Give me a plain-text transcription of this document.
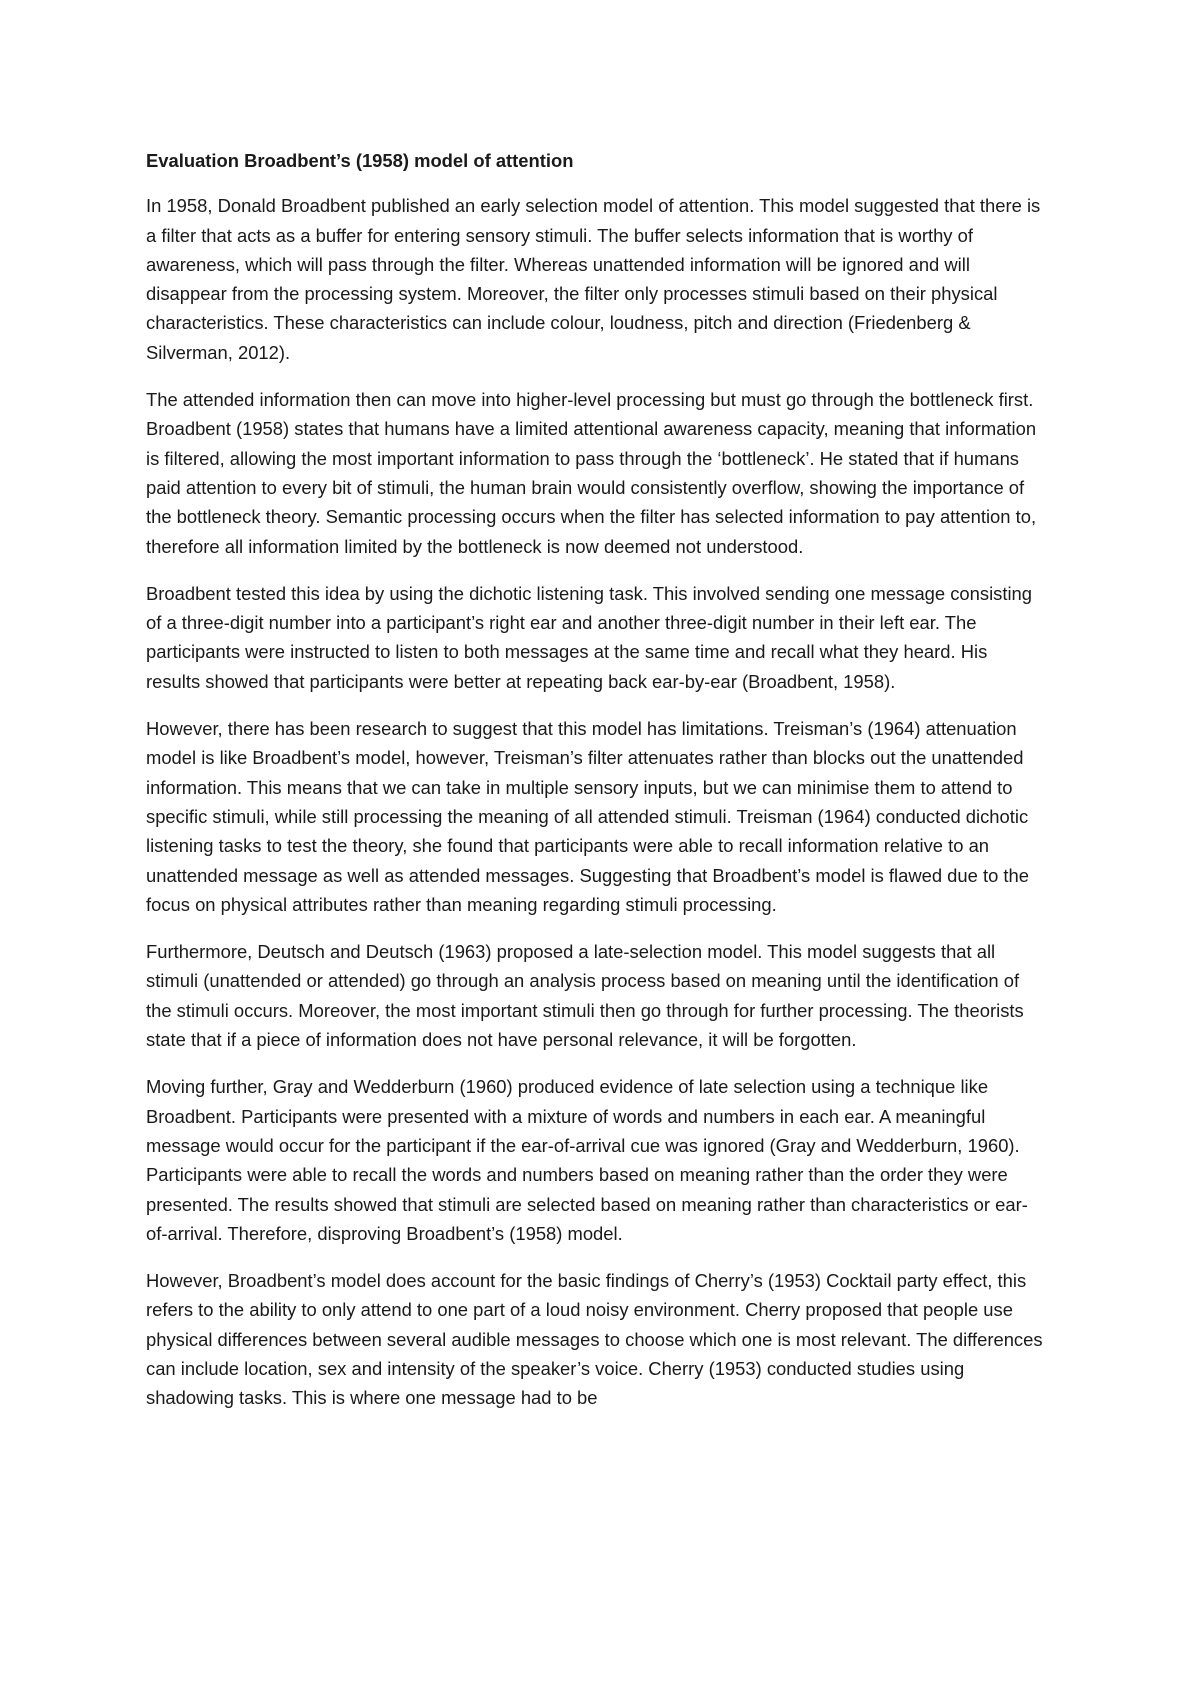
Evaluation Broadbent’s (1958) model of attention

In 1958, Donald Broadbent published an early selection model of attention. This model suggested that there is a filter that acts as a buffer for entering sensory stimuli. The buffer selects information that is worthy of awareness, which will pass through the filter. Whereas unattended information will be ignored and will disappear from the processing system. Moreover, the filter only processes stimuli based on their physical characteristics. These characteristics can include colour, loudness, pitch and direction (Friedenberg & Silverman, 2012).

The attended information then can move into higher-level processing but must go through the bottleneck first. Broadbent (1958) states that humans have a limited attentional awareness capacity, meaning that information is filtered, allowing the most important information to pass through the ‘bottleneck’. He stated that if humans paid attention to every bit of stimuli, the human brain would consistently overflow, showing the importance of the bottleneck theory. Semantic processing occurs when the filter has selected information to pay attention to, therefore all information limited by the bottleneck is now deemed not understood.

Broadbent tested this idea by using the dichotic listening task. This involved sending one message consisting of a three-digit number into a participant’s right ear and another three-digit number in their left ear. The participants were instructed to listen to both messages at the same time and recall what they heard. His results showed that participants were better at repeating back ear-by-ear (Broadbent, 1958).

However, there has been research to suggest that this model has limitations. Treisman’s (1964) attenuation model is like Broadbent’s model, however, Treisman’s filter attenuates rather than blocks out the unattended information. This means that we can take in multiple sensory inputs, but we can minimise them to attend to specific stimuli, while still processing the meaning of all attended stimuli. Treisman (1964) conducted dichotic listening tasks to test the theory, she found that participants were able to recall information relative to an unattended message as well as attended messages. Suggesting that Broadbent’s model is flawed due to the focus on physical attributes rather than meaning regarding stimuli processing.

Furthermore, Deutsch and Deutsch (1963) proposed a late-selection model. This model suggests that all stimuli (unattended or attended) go through an analysis process based on meaning until the identification of the stimuli occurs. Moreover, the most important stimuli then go through for further processing. The theorists state that if a piece of information does not have personal relevance, it will be forgotten.

Moving further, Gray and Wedderburn (1960) produced evidence of late selection using a technique like Broadbent. Participants were presented with a mixture of words and numbers in each ear. A meaningful message would occur for the participant if the ear-of-arrival cue was ignored (Gray and Wedderburn, 1960). Participants were able to recall the words and numbers based on meaning rather than the order they were presented. The results showed that stimuli are selected based on meaning rather than characteristics or ear-of-arrival. Therefore, disproving Broadbent’s (1958) model.

However, Broadbent’s model does account for the basic findings of Cherry’s (1953) Cocktail party effect, this refers to the ability to only attend to one part of a loud noisy environment. Cherry proposed that people use physical differences between several audible messages to choose which one is most relevant. The differences can include location, sex and intensity of the speaker’s voice. Cherry (1953) conducted studies using shadowing tasks. This is where one message had to be
